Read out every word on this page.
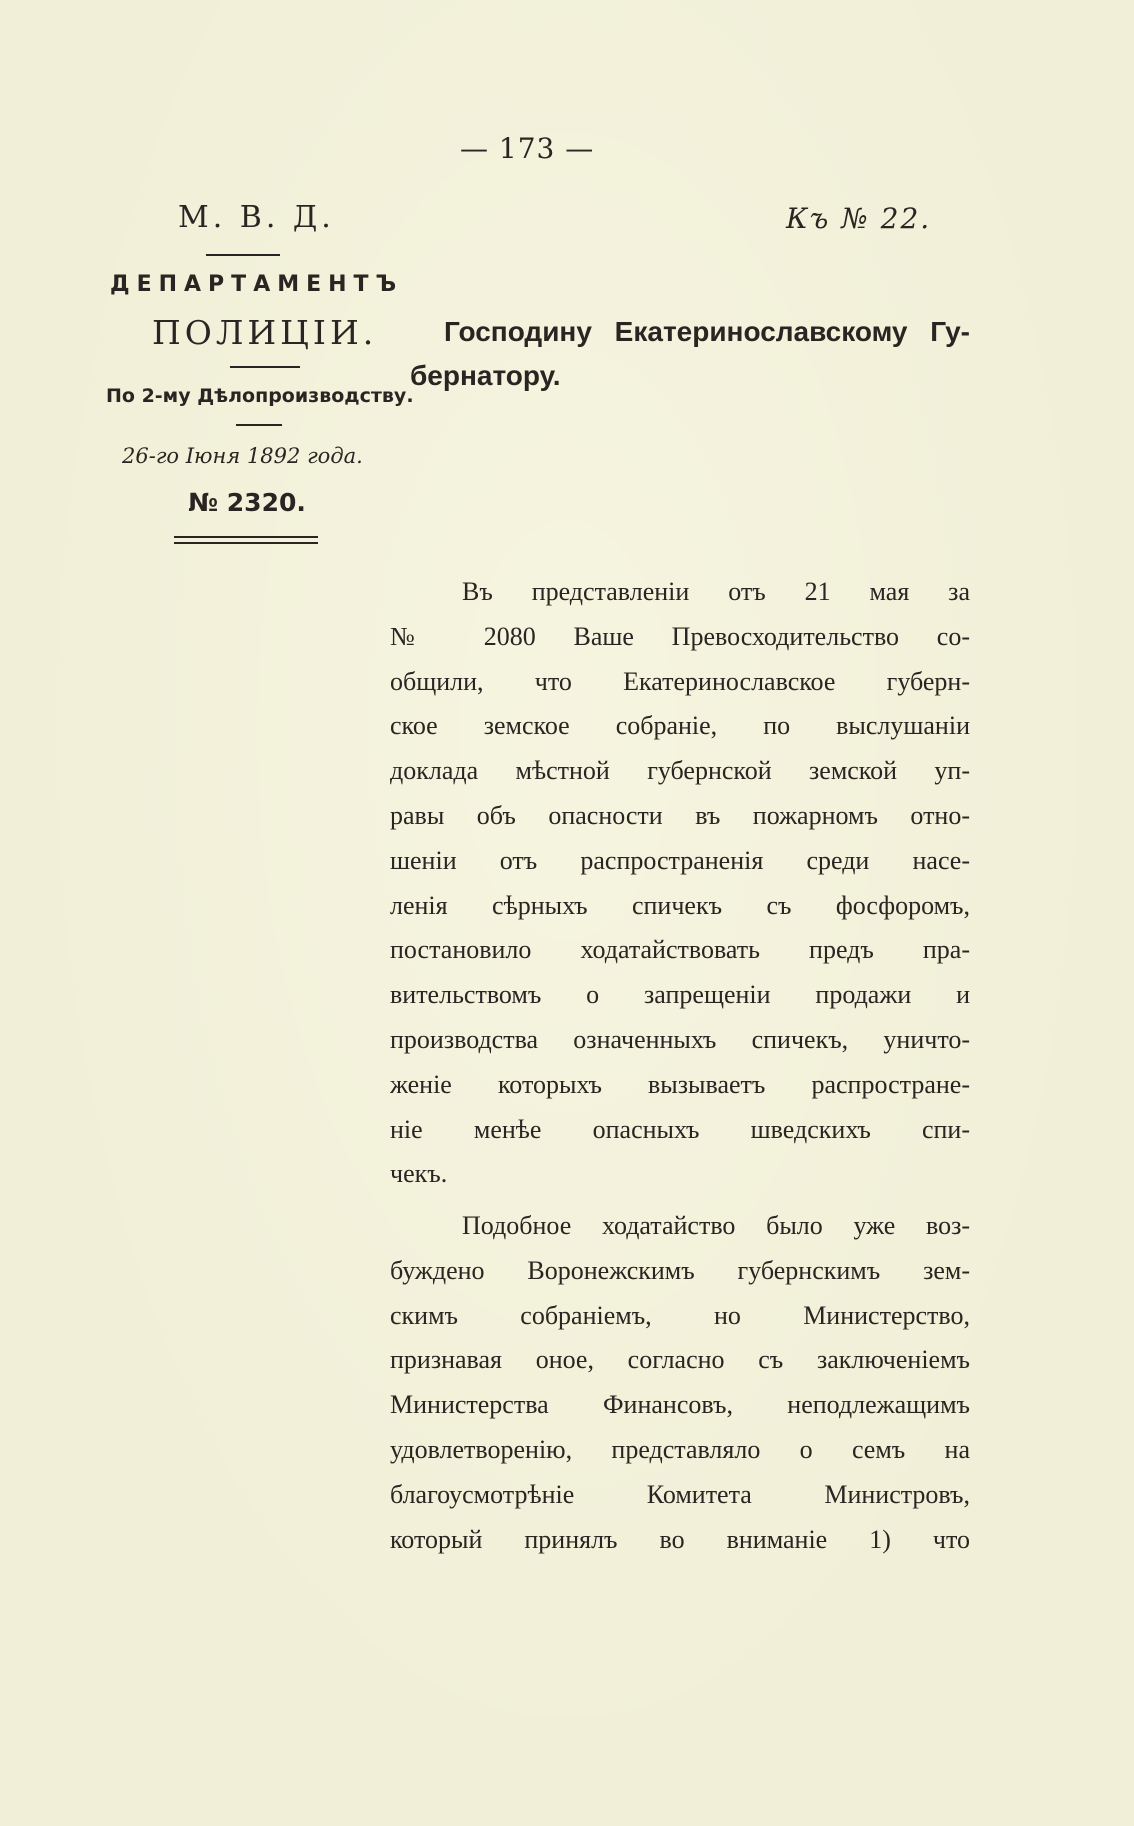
— 173 —
М. В. Д.	Къ № 22.
ДЕПАРТАМЕНТЪ
ПОЛИЦІИ.
По 2-му Дѣлопроизводству.
26-го Іюня 1892 года.
№ 2320.
Господину Екатеринославскому Гу-
бернатору.
Въ представленіи отъ 21 мая за
№ 2080 Ваше Превосходительство со-
общили, что Екатеринославское губерн-
ское земское собраніе, по выслушаніи
доклада мѣстной губернской земской уп-
равы объ опасности въ пожарномъ отно-
шеніи отъ распространенія среди насе-
ленія сѣрныхъ спичекъ съ фосфоромъ,
постановило ходатайствовать предъ пра-
вительствомъ о запрещеніи продажи и
производства означенныхъ спичекъ, уничто-
женіе которыхъ вызываетъ распростране-
ніе менѣе опасныхъ шведскихъ спи-
чекъ.
Подобное ходатайство было уже воз-
буждено Воронежскимъ губернскимъ зем-
скимъ собраніемъ, но Министерство,
признавая оное, согласно съ заключеніемъ
Министерства Финансовъ, неподлежащимъ
удовлетворенію, представляло о семъ на
благоусмотрѣніе Комитета Министровъ,
который принялъ во вниманіе 1) что
